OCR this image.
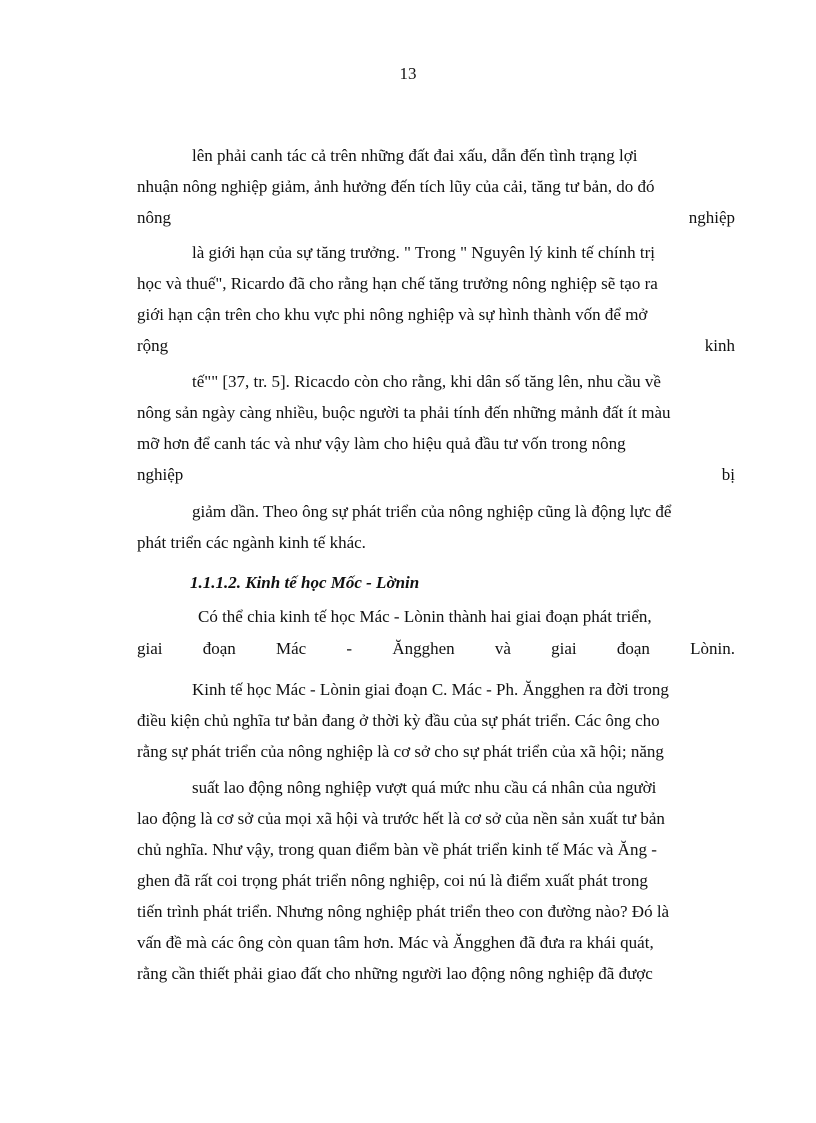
13
lên phải canh tác cả trên những đất đai xấu, dẫn đến tình trạng lợi
nhuận nông nghiệp giảm, ảnh hưởng đến tích lũy của cải, tăng tư bản, do đó
nông	nghiệp
là giới hạn của sự tăng trưởng. " Trong " Nguyên lý kinh tế chính trị
học và thuế", Ricardo đã cho rằng hạn chế tăng trưởng nông nghiệp sẽ tạo ra
giới hạn cận trên cho khu vực phi nông nghiệp và sự hình thành vốn để mở
rộng	kinh
tế"" [37, tr. 5]. Ricacdo còn cho rằng, khi dân số tăng lên, nhu cầu về
nông sản ngày càng nhiều, buộc người ta phải tính đến những mảnh đất ít màu
mỡ hơn để canh tác và như vậy làm cho hiệu quả đầu tư vốn trong nông
nghiệp	bị
giảm dần. Theo ông sự phát triển của nông nghiệp cũng là động lực để
phát triển các ngành kinh tế khác.
1.1.1.2. Kinh tế học Mốc - Lờnin
Có thể chia kinh tế học Mác - Lònin thành hai giai đoạn phát triển,
giai đoạn Mác - Ăngghen và giai đoạn Lònin.
Kinh tế học Mác - Lònin giai đoạn C. Mác - Ph. Ăngghen ra đời trong
điều kiện chủ nghĩa tư bản đang ở thời kỳ đầu của sự phát triển. Các ông cho
rằng sự phát triển của nông nghiệp là cơ sở cho sự phát triển của xã hội; năng
suất lao động nông nghiệp vượt quá mức nhu cầu cá nhân của người
lao động là cơ sở của mọi xã hội và trước hết là cơ sở của nền sản xuất tư bản
chủ nghĩa. Như vậy, trong quan điểm bàn về phát triển kinh tế Mác và Ăng -
ghen đã rất coi trọng phát triển nông nghiệp, coi nú là điểm xuất phát trong
tiến trình phát triển. Nhưng nông nghiệp phát triển theo con đường nào? Đó là
vấn đề mà các ông còn quan tâm hơn. Mác và Ăngghen đã đưa ra khái quát,
rằng cần thiết phải giao đất cho những người lao động nông nghiệp đã được
